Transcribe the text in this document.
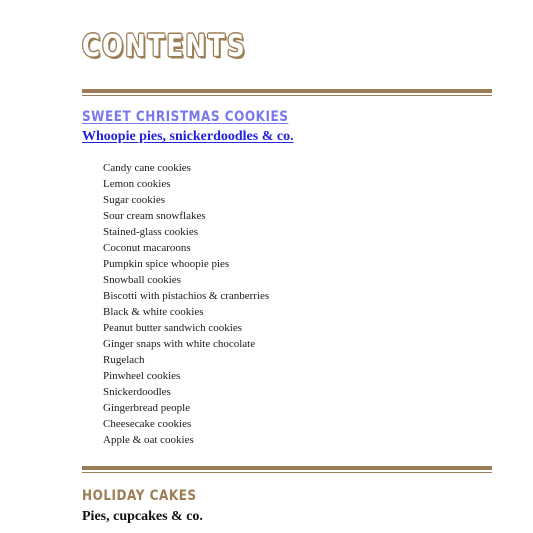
CONTENTS
SWEET CHRISTMAS COOKIES
Whoopie pies, snickerdoodles & co.
Candy cane cookies
Lemon cookies
Sugar cookies
Sour cream snowflakes
Stained-glass cookies
Coconut macaroons
Pumpkin spice whoopie pies
Snowball cookies
Biscotti with pistachios & cranberries
Black & white cookies
Peanut butter sandwich cookies
Ginger snaps with white chocolate
Rugelach
Pinwheel cookies
Snickerdoodles
Gingerbread people
Cheesecake cookies
Apple & oat cookies
HOLIDAY CAKES
Pies, cupcakes & co.
